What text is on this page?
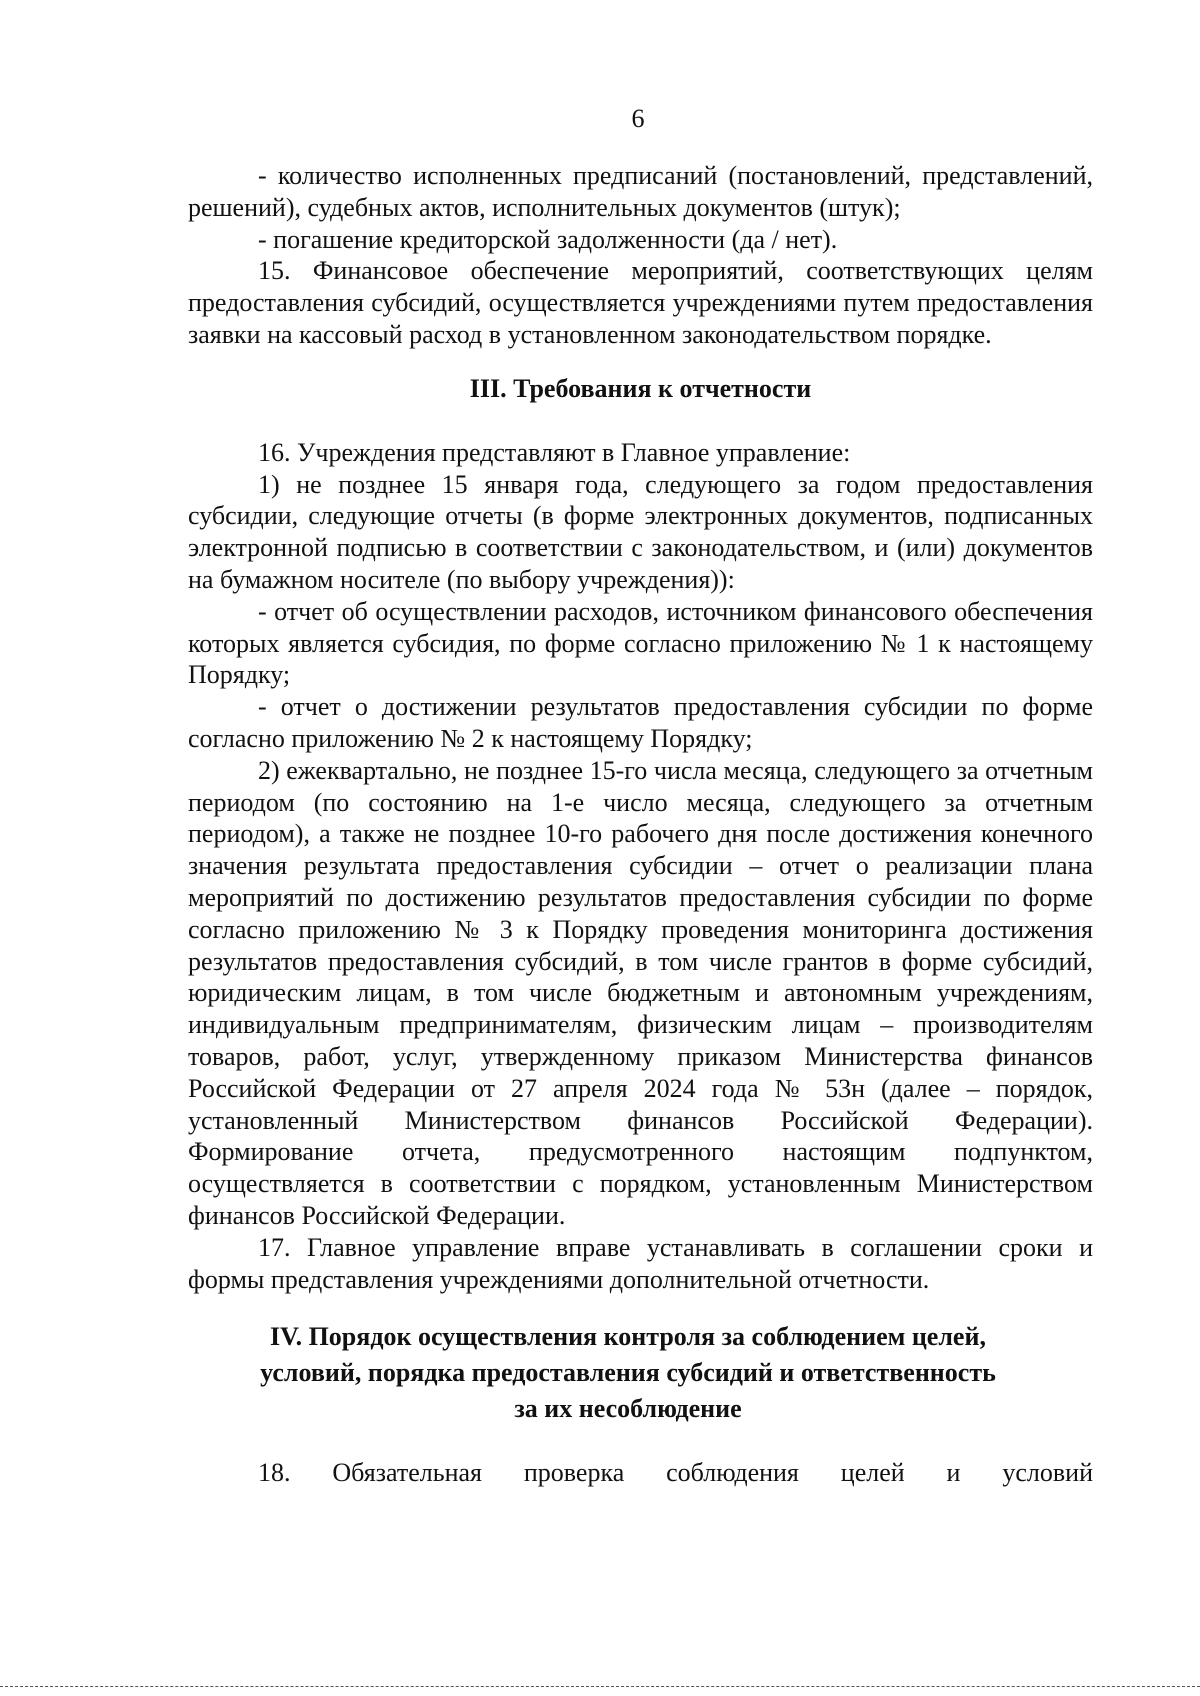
6

- количество исполненных предписаний (постановлений, представлений, решений), судебных актов, исполнительных документов (штук);

- погашение кредиторской задолженности (да / нет).

15. Финансовое обеспечение мероприятий, соответствующих целям предоставления субсидий, осуществляется учреждениями путем предоставления заявки на кассовый расход в установленном законодательством порядке.

III. Требования к отчетности

16. Учреждения представляют в Главное управление:

1) не позднее 15 января года, следующего за годом предоставления субсидии, следующие отчеты (в форме электронных документов, подписанных электронной подписью в соответствии с законодательством, и (или) документов на бумажном носителе (по выбору учреждения)):

- отчет об осуществлении расходов, источником финансового обеспечения которых является субсидия, по форме согласно приложению № 1 к настоящему Порядку;

- отчет о достижении результатов предоставления субсидии по форме согласно приложению № 2 к настоящему Порядку;

2) ежеквартально, не позднее 15-го числа месяца, следующего за отчетным периодом (по состоянию на 1-е число месяца, следующего за отчетным периодом), а также не позднее 10-го рабочего дня после достижения конечного значения результата предоставления субсидии – отчет о реализации плана мероприятий по достижению результатов предоставления субсидии по форме согласно приложению № 3 к Порядку проведения мониторинга достижения результатов предоставления субсидий, в том числе грантов в форме субсидий, юридическим лицам, в том числе бюджетным и автономным учреждениям, индивидуальным предпринимателям, физическим лицам – производителям товаров, работ, услуг, утвержденному приказом Министерства финансов Российской Федерации от 27 апреля 2024 года № 53н (далее – порядок, установленный Министерством финансов Российской Федерации). Формирование отчета, предусмотренного настоящим подпунктом, осуществляется в соответствии с порядком, установленным Министерством финансов Российской Федерации.

17. Главное управление вправе устанавливать в соглашении сроки и формы представления учреждениями дополнительной отчетности.

IV. Порядок осуществления контроля за соблюдением целей,
условий, порядка предоставления субсидий и ответственность
за их несоблюдение

18. Обязательная проверка соблюдения целей и условий
